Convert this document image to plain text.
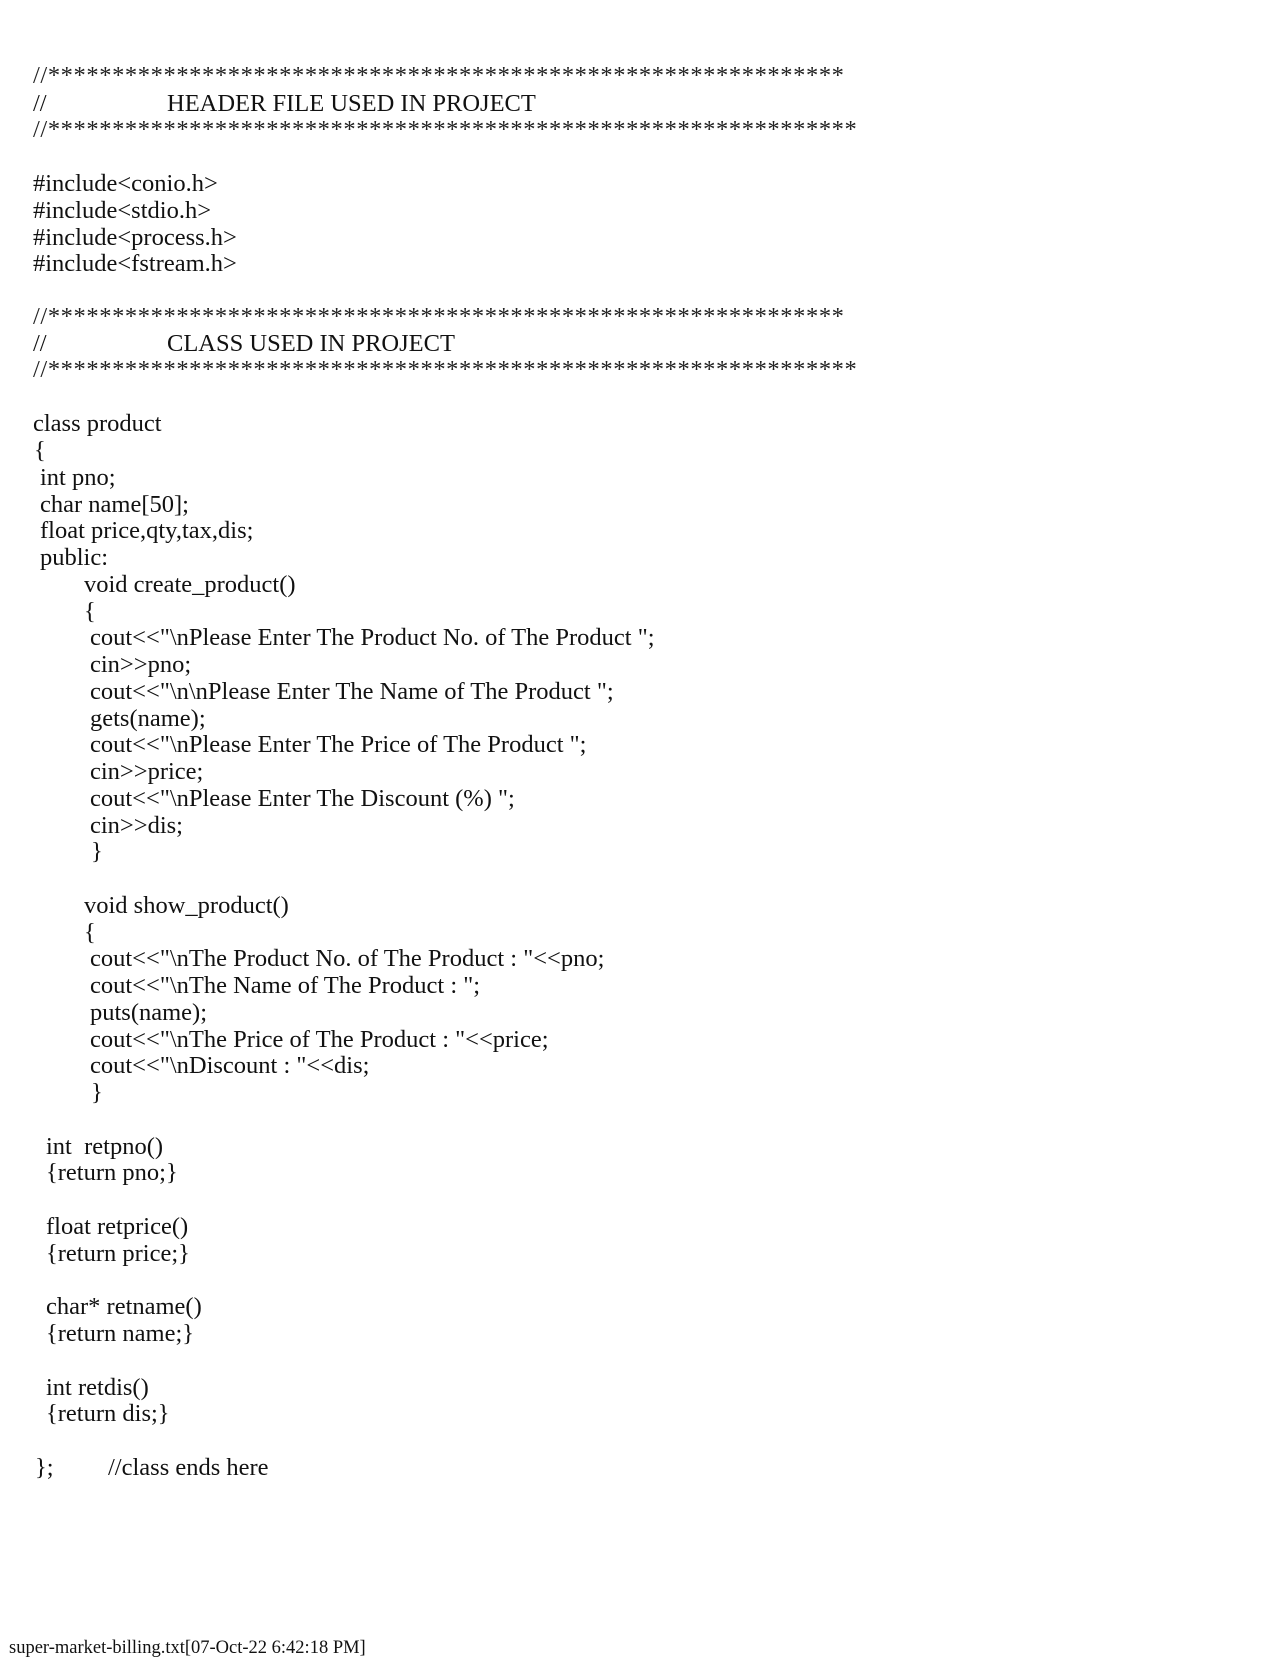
//**************************************************************

//

	HEADER FILE USED IN PROJECT

//***************************************************************
#include<conio.h>
#include<stdio.h>
#include<process.h>
#include<fstream.h>
//**************************************************************

//

	CLASS USED IN PROJECT

//***************************************************************
class product
{
int pno;
char name[50];
float price,qty,tax,dis;
public:
void create_product()
{
cout<<"\nPlease Enter The Product No. of The Product ";
cin>>pno;
cout<<"\n\nPlease Enter The Name of The Product ";
gets(name);
cout<<"\nPlease Enter The Price of The Product ";
cin>>price;
cout<<"\nPlease Enter The Discount (%) ";
cin>>dis;
}
void show_product()
{
cout<<"\nThe Product No. of The Product : "<<pno;
cout<<"\nThe Name of The Product : ";
puts(name);
cout<<"\nThe Price of The Product : "<<price;
cout<<"\nDiscount : "<<dis;
}
int  retpno()
{return pno;}
float retprice()
{return price;}
char* retname()
{return name;}
int retdis()
{return dis;}

};

//class ends here

super-market-billing.txt[07-Oct-22 6:42:18 PM]
